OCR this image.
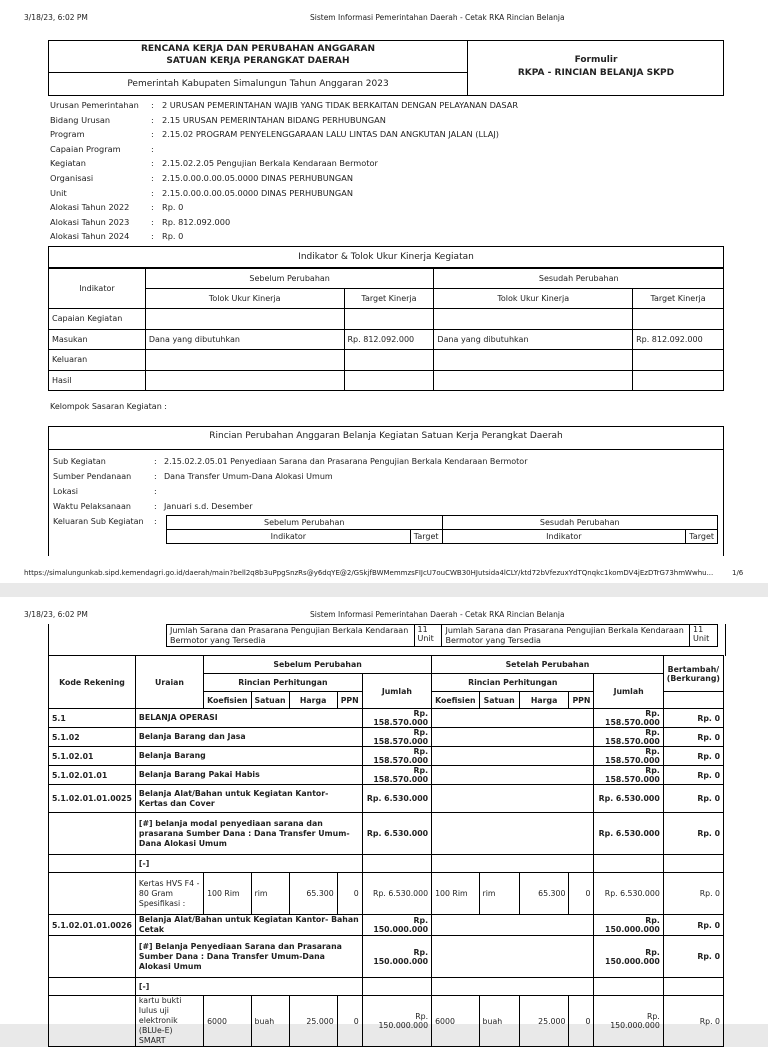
3/18/23, 6:02 PM	Sistem Informasi Pemerintahan Daerah - Cetak RKA Rincian Belanja
RENCANA KERJA DAN PERUBAHAN ANGGARAN
SATUAN KERJA PERANGKAT DAERAH
Pemerintah Kabupaten Simalungun Tahun Anggaran 2023
Formulir
RKPA - RINCIAN BELANJA SKPD
Urusan Pemerintahan : 2 URUSAN PEMERINTAHAN WAJIB YANG TIDAK BERKAITAN DENGAN PELAYANAN DASAR
Bidang Urusan	: 2.15 URUSAN PEMERINTAHAN BIDANG PERHUBUNGAN
Program	: 2.15.02 PROGRAM PENYELENGGARAAN LALU LINTAS DAN ANGKUTAN JALAN (LLAJ)
Capaian Program	:
Kegiatan	: 2.15.02.2.05 Pengujian Berkala Kendaraan Bermotor
Organisasi	: 2.15.0.00.0.00.05.0000 DINAS PERHUBUNGAN
Unit	: 2.15.0.00.0.00.05.0000 DINAS PERHUBUNGAN
Alokasi Tahun 2022	: Rp. 0
Alokasi Tahun 2023	: Rp. 812.092.000
Alokasi Tahun 2024	: Rp. 0
Indikator & Tolok Ukur Kinerja Kegiatan
Indikator	Sebelum Perubahan		Sesudah Perubahan	
	Tolok Ukur Kinerja	Target Kinerja	Tolok Ukur Kinerja	Target Kinerja
Capaian Kegiatan				
Masukan	Dana yang dibutuhkan	Rp. 812.092.000	Dana yang dibutuhkan	Rp. 812.092.000
Keluaran				
Hasil				
Kelompok Sasaran Kegiatan :
Rincian Perubahan Anggaran Belanja Kegiatan Satuan Kerja Perangkat Daerah
Sub Kegiatan	: 2.15.02.2.05.01 Penyediaan Sarana dan Prasarana Pengujian Berkala Kendaraan Bermotor
Sumber Pendanaan	: Dana Transfer Umum-Dana Alokasi Umum
Lokasi	:
Waktu Pelaksanaan	: Januari s.d. Desember
Keluaran Sub Kegiatan :	Sebelum Perubahan		Sesudah Perubahan	
Indikator	Target	Indikator	Target
https://simalungunkab.sipd.kemendagri.go.id/daerah/main?bell2q8b3uPpgSnzRs@y6dqYE@2/GSkjfBWMemmzsFIJcU7ouCWB30HJutsida4lCLY/ktd72bVfezuxYdTQnqkc1komDV4jEzDTrG73hmWwhu...	1/6
3/18/23, 6:02 PM	Sistem Informasi Pemerintahan Daerah - Cetak RKA Rincian Belanja
Jumlah Sarana dan Prasarana Pengujian Berkala Kendaraan Bermotor yang Tersedia	11 Unit	Jumlah Sarana dan Prasarana Pengujian Berkala Kendaraan Bermotor yang Tersedia	11 Unit
Kode Rekening	Uraian	Sebelum Perubahan					Setelah Perubahan					Bertambah/ (Berkurang)
		Rincian Perhitungan				Jumlah	Rincian Perhitungan				Jumlah	
		Koefisien	Satuan	Harga	PPN		Koefisien	Satuan	Harga	PPN		
5.1	BELANJA OPERASI					Rp. 158.570.000					Rp. 158.570.000	Rp. 0
5.1.02	Belanja Barang dan Jasa					Rp. 158.570.000					Rp. 158.570.000	Rp. 0
5.1.02.01	Belanja Barang					Rp. 158.570.000					Rp. 158.570.000	Rp. 0
5.1.02.01.01	Belanja Barang Pakai Habis					Rp. 158.570.000					Rp. 158.570.000	Rp. 0
5.1.02.01.01.0025	Belanja Alat/Bahan untuk Kegiatan Kantor- Kertas dan Cover					Rp. 6.530.000					Rp. 6.530.000	Rp. 0
	[#] belanja modal penyediaan sarana dan prasarana Sumber Dana : Dana Transfer Umum-Dana Alokasi Umum					Rp. 6.530.000					Rp. 6.530.000	Rp. 0
	[-]											
	Kertas HVS F4 - 80 Gram Spesifikasi :	100 Rim	rim	65.300	0	Rp. 6.530.000	100 Rim	rim	65.300	0	Rp. 6.530.000	Rp. 0
5.1.02.01.01.0026	Belanja Alat/Bahan untuk Kegiatan Kantor- Bahan Cetak					Rp. 150.000.000					Rp. 150.000.000	Rp. 0
	[#] Belanja Penyediaan Sarana dan Prasarana Sumber Dana : Dana Transfer Umum-Dana Alokasi Umum					Rp. 150.000.000					Rp. 150.000.000	Rp. 0
	[-]											
	kartu bukti lulus uji elektronik (BLUe-E) SMART	6000	buah	25.000	0	Rp. 150.000.000	6000	buah	25.000	0	Rp. 150.000.000	Rp. 0
